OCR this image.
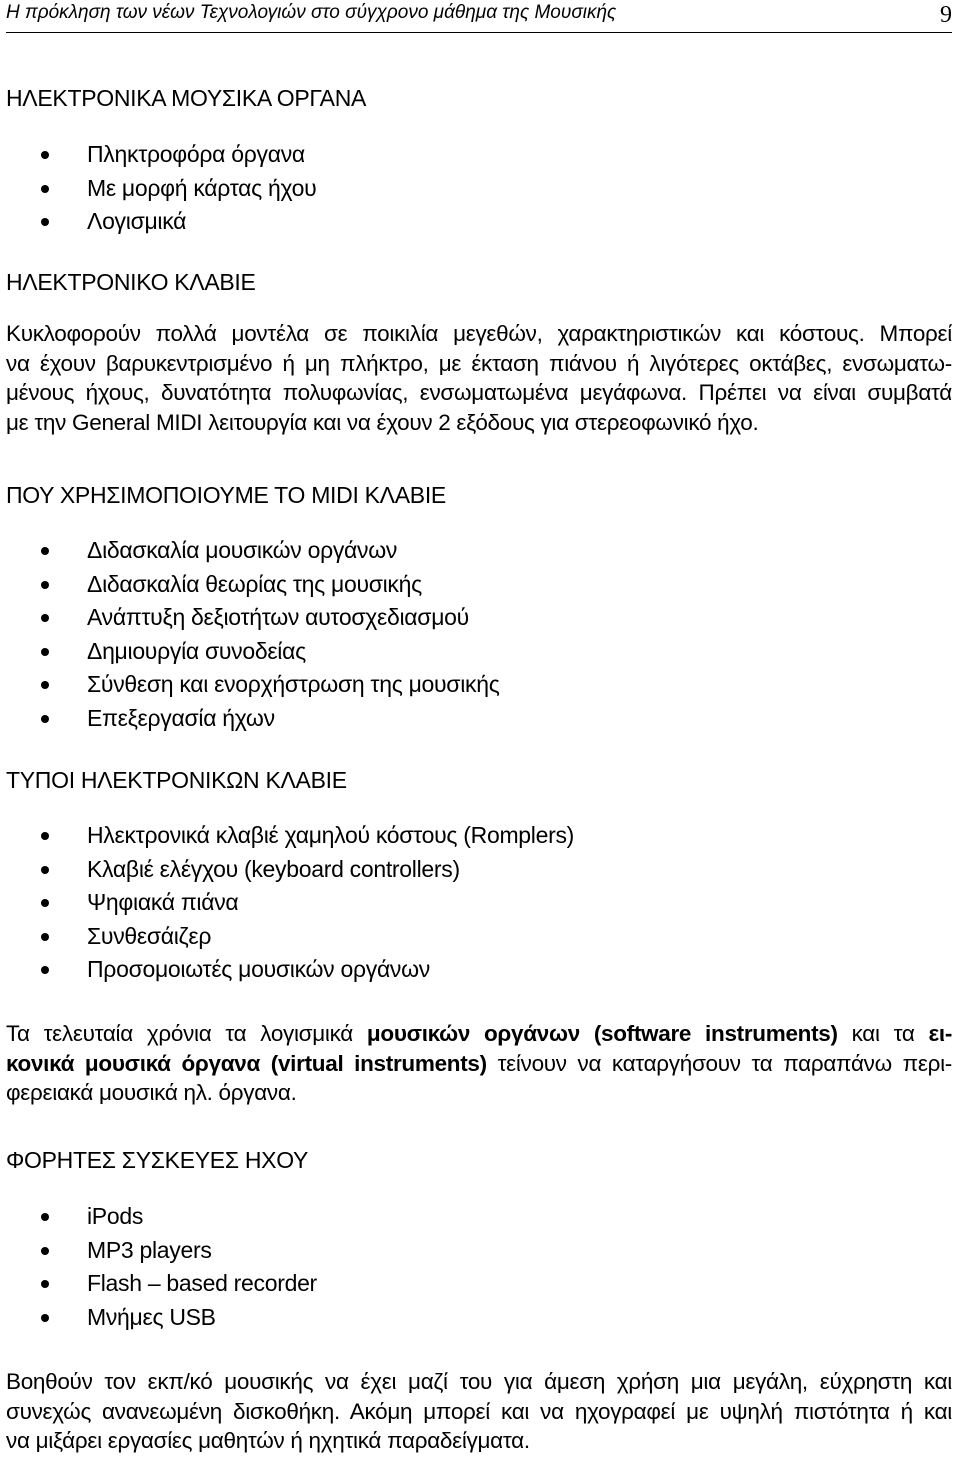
Η πρόκληση των νέων Τεχνολογιών στο σύγχρονο μάθημα της Μουσικής	9
ΗΛΕΚΤΡΟΝΙΚΑ ΜΟΥΣΙΚΑ ΟΡΓΑΝΑ
Πληκτροφόρα όργανα
Με μορφή κάρτας ήχου
Λογισμικά
ΗΛΕΚΤΡΟΝΙΚΟ ΚΛΑΒΙΕ
Κυκλοφορούν πολλά μοντέλα σε ποικιλία μεγεθών, χαρακτηριστικών και κόστους. Μπορεί
να έχουν βαρυκεντρισμένο ή μη πλήκτρο, με έκταση πιάνου ή λιγότερες οκτάβες, ενσωματω-
μένους ήχους, δυνατότητα πολυφωνίας, ενσωματωμένα μεγάφωνα. Πρέπει να είναι συμβατά
με την General MIDI λειτουργία και να έχουν 2 εξόδους για στερεοφωνικό ήχο.
ΠΟΥ ΧΡΗΣΙΜΟΠΟΙΟΥΜΕ ΤΟ MIDI ΚΛΑΒΙΕ
Διδασκαλία μουσικών οργάνων
Διδασκαλία θεωρίας της μουσικής
Ανάπτυξη δεξιοτήτων αυτοσχεδιασμού
Δημιουργία συνοδείας
Σύνθεση και ενορχήστρωση της μουσικής
Επεξεργασία ήχων
ΤΥΠΟΙ ΗΛΕΚΤΡΟΝΙΚΩΝ ΚΛΑΒΙΕ
Ηλεκτρονικά κλαβιέ χαμηλού κόστους (Romplers)
Κλαβιέ ελέγχου (keyboard controllers)
Ψηφιακά πιάνα
Συνθεσάιζερ
Προσομοιωτές μουσικών οργάνων
Τα τελευταία χρόνια τα λογισμικά μουσικών οργάνων (software instruments) και τα ει-
κονικά μουσικά όργανα (virtual instruments) τείνουν να καταργήσουν τα παραπάνω περι-
φερειακά μουσικά ηλ. όργανα.
ΦΟΡΗΤΕΣ ΣΥΣΚΕΥΕΣ ΗΧΟΥ
iPods
MP3 players
Flash – based recorder
Μνήμες USB
Βοηθούν τον εκπ/κό μουσικής να έχει μαζί του για άμεση χρήση μια μεγάλη, εύχρηστη και
συνεχώς ανανεωμένη δισκοθήκη. Ακόμη μπορεί και να ηχογραφεί με υψηλή πιστότητα ή και
να μιξάρει εργασίες μαθητών ή ηχητικά παραδείγματα.
